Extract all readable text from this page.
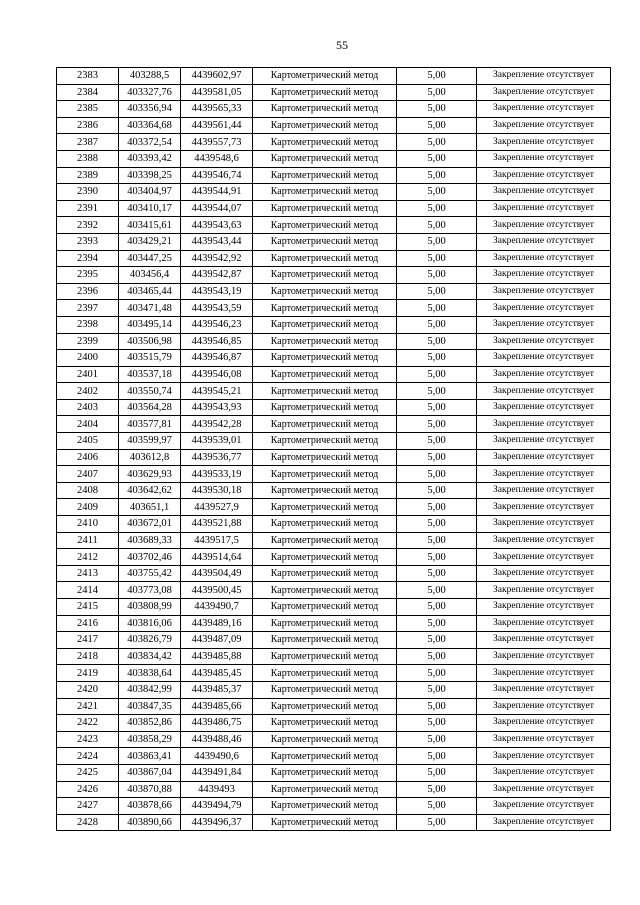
55
2383	403288,5	4439602,97	Картометрический метод	5,00	Закрепление отсутствует
2384	403327,76	4439581,05	Картометрический метод	5,00	Закрепление отсутствует
2385	403356,94	4439565,33	Картометрический метод	5,00	Закрепление отсутствует
2386	403364,68	4439561,44	Картометрический метод	5,00	Закрепление отсутствует
2387	403372,54	4439557,73	Картометрический метод	5,00	Закрепление отсутствует
2388	403393,42	4439548,6	Картометрический метод	5,00	Закрепление отсутствует
2389	403398,25	4439546,74	Картометрический метод	5,00	Закрепление отсутствует
2390	403404,97	4439544,91	Картометрический метод	5,00	Закрепление отсутствует
2391	403410,17	4439544,07	Картометрический метод	5,00	Закрепление отсутствует
2392	403415,61	4439543,63	Картометрический метод	5,00	Закрепление отсутствует
2393	403429,21	4439543,44	Картометрический метод	5,00	Закрепление отсутствует
2394	403447,25	4439542,92	Картометрический метод	5,00	Закрепление отсутствует
2395	403456,4	4439542,87	Картометрический метод	5,00	Закрепление отсутствует
2396	403465,44	4439543,19	Картометрический метод	5,00	Закрепление отсутствует
2397	403471,48	4439543,59	Картометрический метод	5,00	Закрепление отсутствует
2398	403495,14	4439546,23	Картометрический метод	5,00	Закрепление отсутствует
2399	403506,98	4439546,85	Картометрический метод	5,00	Закрепление отсутствует
2400	403515,79	4439546,87	Картометрический метод	5,00	Закрепление отсутствует
2401	403537,18	4439546,08	Картометрический метод	5,00	Закрепление отсутствует
2402	403550,74	4439545,21	Картометрический метод	5,00	Закрепление отсутствует
2403	403564,28	4439543,93	Картометрический метод	5,00	Закрепление отсутствует
2404	403577,81	4439542,28	Картометрический метод	5,00	Закрепление отсутствует
2405	403599,97	4439539,01	Картометрический метод	5,00	Закрепление отсутствует
2406	403612,8	4439536,77	Картометрический метод	5,00	Закрепление отсутствует
2407	403629,93	4439533,19	Картометрический метод	5,00	Закрепление отсутствует
2408	403642,62	4439530,18	Картометрический метод	5,00	Закрепление отсутствует
2409	403651,1	4439527,9	Картометрический метод	5,00	Закрепление отсутствует
2410	403672,01	4439521,88	Картометрический метод	5,00	Закрепление отсутствует
2411	403689,33	4439517,5	Картометрический метод	5,00	Закрепление отсутствует
2412	403702,46	4439514,64	Картометрический метод	5,00	Закрепление отсутствует
2413	403755,42	4439504,49	Картометрический метод	5,00	Закрепление отсутствует
2414	403773,08	4439500,45	Картометрический метод	5,00	Закрепление отсутствует
2415	403808,99	4439490,7	Картометрический метод	5,00	Закрепление отсутствует
2416	403816,06	4439489,16	Картометрический метод	5,00	Закрепление отсутствует
2417	403826,79	4439487,09	Картометрический метод	5,00	Закрепление отсутствует
2418	403834,42	4439485,88	Картометрический метод	5,00	Закрепление отсутствует
2419	403838,64	4439485,45	Картометрический метод	5,00	Закрепление отсутствует
2420	403842,99	4439485,37	Картометрический метод	5,00	Закрепление отсутствует
2421	403847,35	4439485,66	Картометрический метод	5,00	Закрепление отсутствует
2422	403852,86	4439486,75	Картометрический метод	5,00	Закрепление отсутствует
2423	403858,29	4439488,46	Картометрический метод	5,00	Закрепление отсутствует
2424	403863,41	4439490,6	Картометрический метод	5,00	Закрепление отсутствует
2425	403867,04	4439491,84	Картометрический метод	5,00	Закрепление отсутствует
2426	403870,88	4439493	Картометрический метод	5,00	Закрепление отсутствует
2427	403878,66	4439494,79	Картометрический метод	5,00	Закрепление отсутствует
2428	403890,66	4439496,37	Картометрический метод	5,00	Закрепление отсутствует
